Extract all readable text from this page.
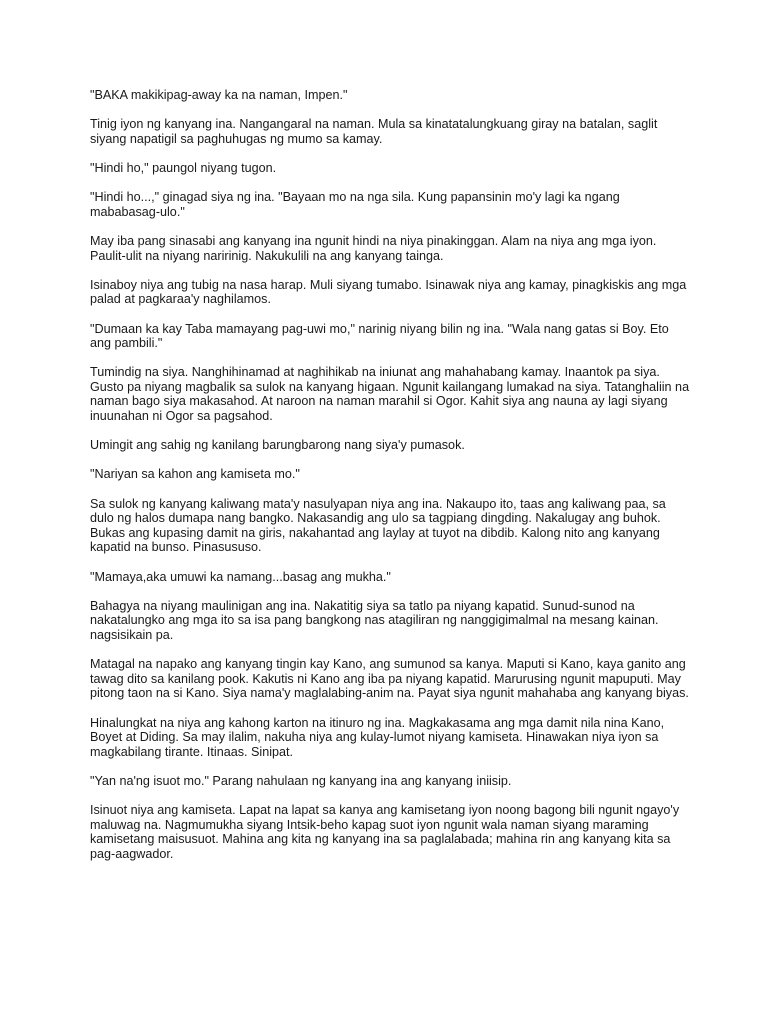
"BAKA makikipag-away ka na naman, Impen."

Tinig iyon ng kanyang ina. Nangangaral na naman. Mula sa kinatatalungkuang giray na batalan, saglit siyang napatigil sa paghuhugas ng mumo sa kamay.

"Hindi ho," paungol niyang tugon.

"Hindi ho...," ginagad siya ng ina. "Bayaan mo na nga sila. Kung papansinin mo'y lagi ka ngang mababasag-ulo."

May iba pang sinasabi ang kanyang ina ngunit hindi na niya pinakinggan. Alam na niya ang mga iyon. Paulit-ulit na niyang naririnig. Nakukulili na ang kanyang tainga.

Isinaboy niya ang tubig na nasa harap. Muli siyang tumabo. Isinawak niya ang kamay, pinagkiskis ang mga palad at pagkaraa'y naghilamos.

"Dumaan ka kay Taba mamayang pag-uwi mo," narinig niyang bilin ng ina. "Wala nang gatas si Boy. Eto ang pambili."

Tumindig na siya. Nanghihinamad at naghihikab na iniunat ang mahahabang kamay. Inaantok pa siya. Gusto pa niyang magbalik sa sulok na kanyang higaan. Ngunit kailangang lumakad na siya. Tatanghaliin na naman bago siya makasahod. At naroon na naman marahil si Ogor. Kahit siya ang nauna ay lagi siyang inuunahan ni Ogor sa pagsahod.

Umingit ang sahig ng kanilang barungbarong nang siya'y pumasok.

"Nariyan sa kahon ang kamiseta mo."

Sa sulok ng kanyang kaliwang mata'y nasulyapan niya ang ina. Nakaupo ito, taas ang kaliwang paa, sa dulo ng halos dumapa nang bangko. Nakasandig ang ulo sa tagpiang dingding. Nakalugay ang buhok. Bukas ang kupasing damit na giris, nakahantad ang laylay at tuyot na dibdib. Kalong nito ang kanyang kapatid na bunso. Pinasususo.

"Mamaya,aka umuwi ka namang...basag ang mukha."

Bahagya na niyang maulinigan ang ina. Nakatitig siya sa tatlo pa niyang kapatid. Sunud-sunod na nakatalungko ang mga ito sa isa pang bangkong nas atagiliran ng nanggigimalmal na mesang kainan. nagsisikain pa.

Matagal na napako ang kanyang tingin kay Kano, ang sumunod sa kanya. Maputi si Kano, kaya ganito ang tawag dito sa kanilang pook. Kakutis ni Kano ang iba pa niyang kapatid. Marurusing ngunit mapuputi. May pitong taon na si Kano. Siya nama'y maglalabing-anim na. Payat siya ngunit mahahaba ang kanyang biyas.

Hinalungkat na niya ang kahong karton na itinuro ng ina. Magkakasama ang mga damit nila nina Kano, Boyet at Diding. Sa may ilalim, nakuha niya ang kulay-lumot niyang kamiseta. Hinawakan niya iyon sa magkabilang tirante. Itinaas. Sinipat.

"Yan na'ng isuot mo." Parang nahulaan ng kanyang ina ang kanyang iniisip.

Isinuot niya ang kamiseta. Lapat na lapat sa kanya ang kamisetang iyon noong bagong bili ngunit ngayo'y maluwag na. Nagmumukha siyang Intsik-beho kapag suot iyon ngunit wala naman siyang maraming kamisetang maisusuot. Mahina ang kita ng kanyang ina sa paglalabada; mahina rin ang kanyang kita sa pag-aagwador.
